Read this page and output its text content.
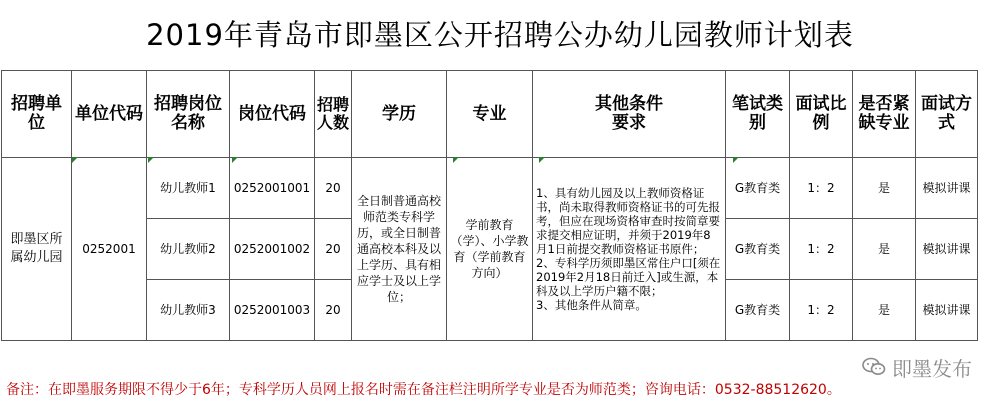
2019年青岛市即墨区公开招聘公办幼儿园教师计划表
招聘单位	单位代码	招聘岗位名称	岗位代码	招聘人数	学历	专业	其他条件要求	笔试类别	面试比例	是否紧缺专业	面试方式
即墨区所属幼儿园	0252001	幼儿教师1	0252001001	20	全日制普通高校师范类专科学历，或全日制普通高校本科及以上学历、具有相应学士及以上学位；	学前教育（学）、小学教育（学前教育方向）	1、具有幼儿园及以上教师资格证书，尚未取得教师资格证书的可先报考，但应在现场资格审查时按简章要求提交相应证明，并须于2019年8月1日前提交教师资格证书原件；
2、专科学历须即墨区常住户口[须在2019年2月18日前迁入]或生源，本科及以上学历户籍不限；
3、其他条件从简章。	G教育类	1：2	是	模拟讲课
		幼儿教师2	0252001002	20				G教育类	1：2	是	模拟讲课
		幼儿教师3	0252001003	20				G教育类	1：2	是	模拟讲课
备注：在即墨服务期限不得少于6年；专科学历人员网上报名时需在备注栏注明所学专业是否为师范类；咨询电话：0532-88512620。
即墨发布
